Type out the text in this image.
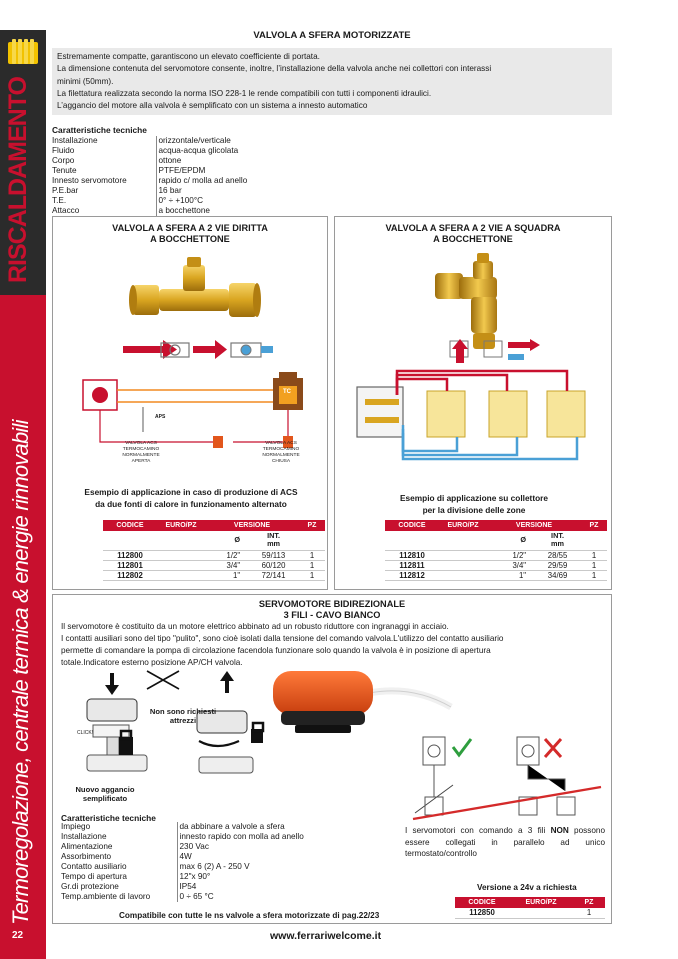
RISCALDAMENTO
Termoregolazione, centrale termica & energie rinnovabili
22
VALVOLA A SFERA MOTORIZZATE
Estremamente compatte, garantiscono un elevato coefficiente di portata.
La dimensione contenuta del servomotore consente, inoltre, l’installazione della valvola anche nei collettori con interassi
minimi (50mm).
La filettatura realizzata secondo la norma ISO 228-1 le rende compatibili con tutti i componenti idraulici.
L’aggancio del motore alla valvola è semplificato con un sistema a innesto automatico
Caratteristiche tecniche
Installazione	orizzontale/verticale
Fluido	acqua-acqua glicolata
Corpo	ottone
Tenute	PTFE/EPDM
Innesto servomotore	rapido c/ molla ad anello
P.E.bar	16 bar
T.E.	0° ÷ +100°C
Attacco	a bocchettone
VALVOLA A SFERA A 2 VIE DIRITTA
A BOCCHETTONE
APS
C
TC
VALVOLA ACS
TERMOCAMINO
NORMALMENTE
APERTA
VALVOLA ACS
TERMOCAMINO
NORMALMENTE
CHIUSA
Esempio di applicazione in caso di produzione di ACS
da due fonti di calore in funzionamento alternato
CODICE	EURO/PZ	VERSIONE		PZ
		Ø	INT.
mm	

112800		1/2"	59/113	1
112801		3/4"	60/120	1
112802		1"	72/141	1
VALVOLA A SFERA A 2 VIE A SQUADRA
A BOCCHETTONE
Esempio di applicazione su collettore
per la divisione delle zone
CODICE	EURO/PZ	VERSIONE		PZ
		Ø	INT.
mm	

112810		1/2"	28/55	1
112811		3/4"	29/59	1
112812		1"	34/69	1
SERVOMOTORE BIDIREZIONALE
3 FILI - CAVO BIANCO
Il servomotore è costituito da un motore elettrico abbinato ad un robusto riduttore con ingranaggi in acciaio.
I contatti ausiliari sono del tipo "pulito", sono cioè isolati dalla tensione del comando valvola.L'utilizzo del contatto ausiliario
permette di comandare la pompa di circolazione facendola funzionare solo quando la valvola è in posizione di apertura
totale.Indicatore esterno posizione AP/CH valvola.
Non sono richiesti
attrezzi
CLICK!
Nuovo aggancio
semplificato
Caratteristiche tecniche
Impiego	da abbinare a valvole a sfera
Installazione	innesto rapido con molla ad anello
Alimentazione	230 Vac
Assorbimento	4W
Contatto ausiliario	max 6 (2) A - 250 V
Tempo di apertura	12"x 90°
Gr.di protezione	IP54
Temp.ambiente di lavoro	0 ÷ 65 °C
I servomotori con comando a 3 fili NON possono essere collegati in parallelo ad unico termostato/controllo
Versione a 24v a richiesta
CODICE	EURO/PZ	PZ
112850		1
Compatibile con tutte le ns valvole a sfera motorizzate di pag.22/23
www.ferrariwelcome.it
